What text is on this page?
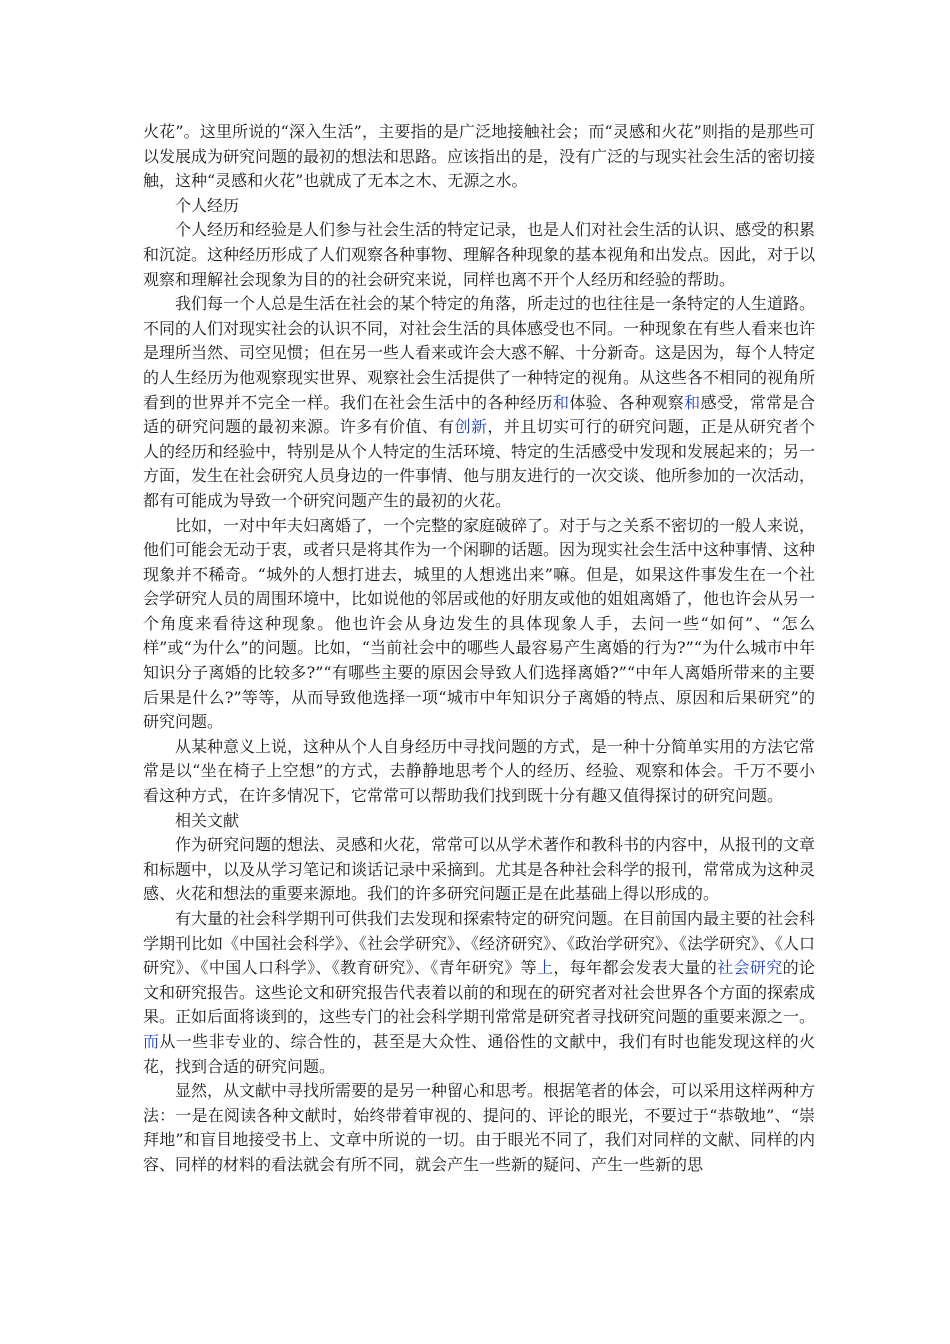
火花”。这里所说的“深入生活”，主要指的是广泛地接触社会；而“灵感和火花”则指的是那些可以发展成为研究问题的最初的想法和思路。应该指出的是，没有广泛的与现实社会生活的密切接触，这种“灵感和火花”也就成了无本之木、无源之水。

个人经历

个人经历和经验是人们参与社会生活的特定记录，也是人们对社会生活的认识、感受的积累和沉淀。这种经历形成了人们观察各种事物、理解各种现象的基本视角和出发点。因此，对于以观察和理解社会现象为目的的社会研究来说，同样也离不开个人经历和经验的帮助。

我们每一个人总是生活在社会的某个特定的角落，所走过的也往往是一条特定的人生道路。不同的人们对现实社会的认识不同，对社会生活的具体感受也不同。一种现象在有些人看来也许是理所当然、司空见惯；但在另一些人看来或许会大惑不解、十分新奇。这是因为，每个人特定的人生经历为他观察现实世界、观察社会生活提供了一种特定的视角。从这些各不相同的视角所看到的世界并不完全一样。我们在社会生活中的各种经历和体验、各种观察和感受，常常是合适的研究问题的最初来源。许多有价值、有创新，并且切实可行的研究问题，正是从研究者个人的经历和经验中，特别是从个人特定的生活环境、特定的生活感受中发现和发展起来的；另一方面，发生在社会研究人员身边的一件事情、他与朋友进行的一次交谈、他所参加的一次活动，都有可能成为导致一个研究问题产生的最初的火花。

比如，一对中年夫妇离婚了，一个完整的家庭破碎了。对于与之关系不密切的一般人来说，他们可能会无动于衷，或者只是将其作为一个闲聊的话题。因为现实社会生活中这种事情、这种现象并不稀奇。“城外的人想打进去，城里的人想逃出来”嘛。但是，如果这件事发生在一个社会学研究人员的周围环境中，比如说他的邻居或他的好朋友或他的姐姐离婚了，他也许会从另一个角度来看待这种现象。他也许会从身边发生的具体现象人手，去问一些“如何”、“怎么样”或“为什么”的问题。比如，“当前社会中的哪些人最容易产生离婚的行为?”“为什么城市中年知识分子离婚的比较多?”“有哪些主要的原因会导致人们选择离婚?”“中年人离婚所带来的主要后果是什么?”等等，从而导致他选择一项“城市中年知识分子离婚的特点、原因和后果研究”的研究问题。

从某种意义上说，这种从个人自身经历中寻找问题的方式，是一种十分简单实用的方法它常常是以“坐在椅子上空想”的方式，去静静地思考个人的经历、经验、观察和体会。千万不要小看这种方式，在许多情况下，它常常可以帮助我们找到既十分有趣又值得探讨的研究问题。

相关文献

作为研究问题的想法、灵感和火花，常常可以从学术著作和教科书的内容中，从报刊的文章和标题中，以及从学习笔记和谈话记录中采摘到。尤其是各种社会科学的报刊，常常成为这种灵感、火花和想法的重要来源地。我们的许多研究问题正是在此基础上得以形成的。

有大量的社会科学期刊可供我们去发现和探索特定的研究问题。在目前国内最主要的社会科学期刊比如《中国社会科学》、《社会学研究》、《经济研究》、《政治学研究》、《法学研究》、《人口研究》、《中国人口科学》、《教育研究》、《青年研究》等上，每年都会发表大量的社会研究的论文和研究报告。这些论文和研究报告代表着以前的和现在的研究者对社会世界各个方面的探索成果。正如后面将谈到的，这些专门的社会科学期刊常常是研究者寻找研究问题的重要来源之一。而从一些非专业的、综合性的，甚至是大众性、通俗性的文献中，我们有时也能发现这样的火花，找到合适的研究问题。

显然，从文献中寻找所需要的是另一种留心和思考。根据笔者的体会，可以采用这样两种方法：一是在阅读各种文献时，始终带着审视的、提问的、评论的眼光，不要过于“恭敬地”、“崇拜地”和盲目地接受书上、文章中所说的一切。由于眼光不同了，我们对同样的文献、同样的内容、同样的材料的看法就会有所不同，就会产生一些新的疑问、产生一些新的思
